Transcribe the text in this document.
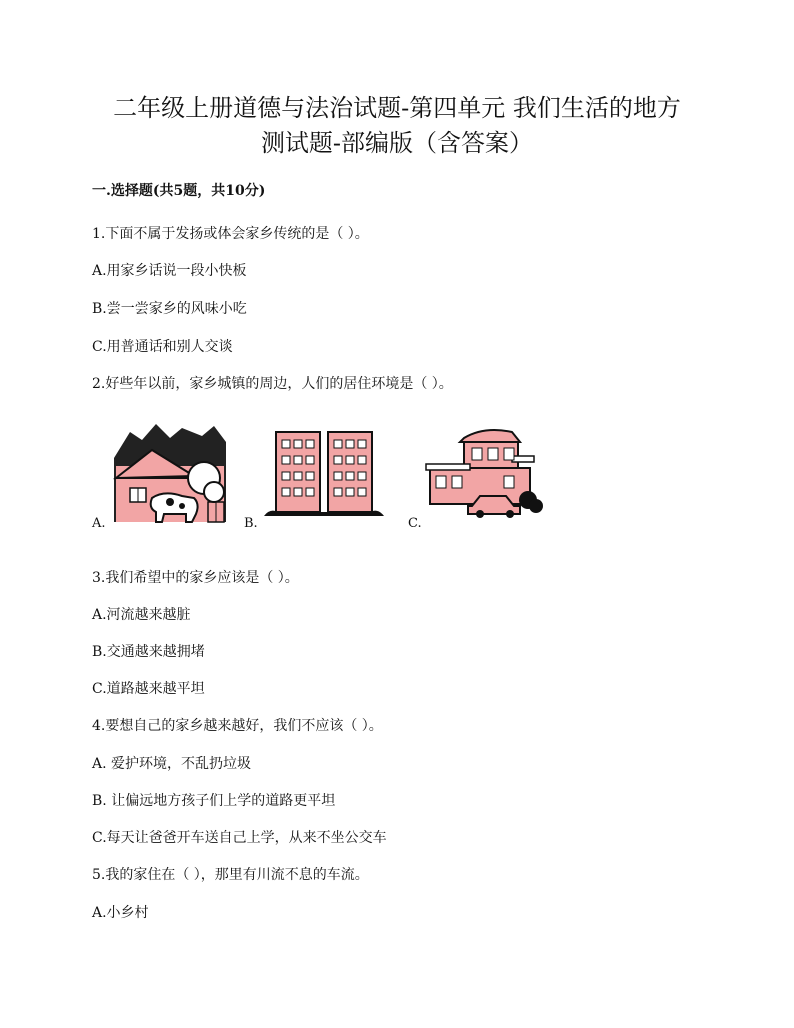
二年级上册道德与法治试题-第四单元 我们生活的地方
测试题-部编版（含答案）
一.选择题(共5题，共10分)
1.下面不属于发扬或体会家乡传统的是（ ）。
A.用家乡话说一段小快板
B.尝一尝家乡的风味小吃
C.用普通话和别人交谈
2.好些年以前，家乡城镇的周边，人们的居住环境是（ ）。
A.	B.	C.
3.我们希望中的家乡应该是（ ）。
A.河流越来越脏
B.交通越来越拥堵
C.道路越来越平坦
4.要想自己的家乡越来越好，我们不应该（ ）。
A. 爱护环境，不乱扔垃圾
B. 让偏远地方孩子们上学的道路更平坦
C.每天让爸爸开车送自己上学，从来不坐公交车
5.我的家住在（ ），那里有川流不息的车流。
A.小乡村
